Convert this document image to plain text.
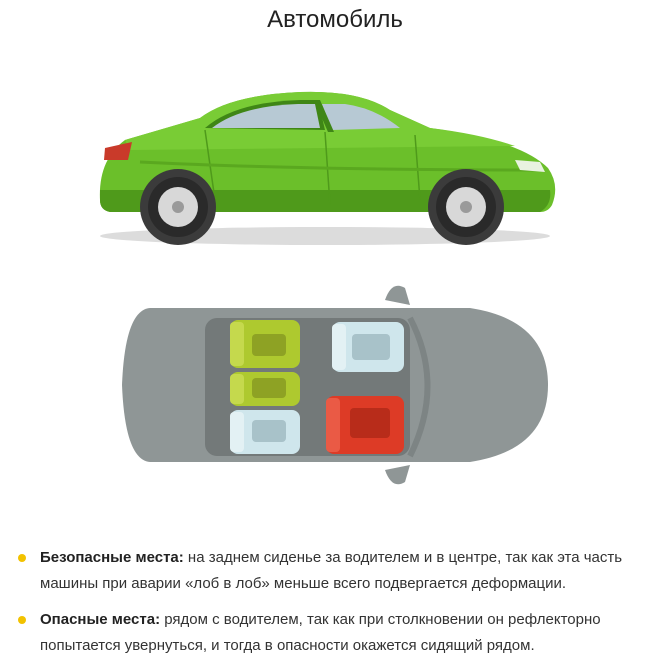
Автомобиль
Безопасные места: на заднем сиденье за водителем и в центре, так как эта часть машины при аварии «лоб в лоб» меньше всего подвергается деформации.
Опасные места: рядом с водителем, так как при столкновении он рефлекторно попытается увернуться, и тогда в опасности окажется сидящий рядом.
